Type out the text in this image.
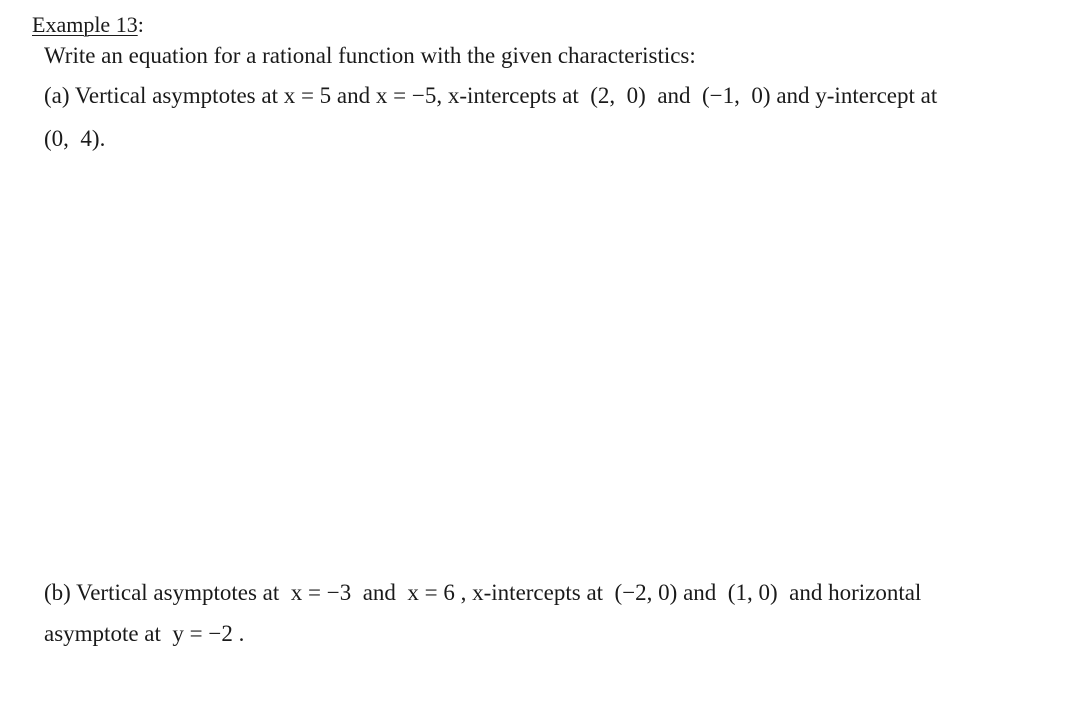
Example 13:
Write an equation for a rational function with the given characteristics:
(a) Vertical asymptotes at x = 5 and x = −5, x-intercepts at  (2,  0)  and  (−1,  0) and y-intercept at
(0,  4).
(b) Vertical asymptotes at  x = −3  and  x = 6 , x-intercepts at  (−2, 0) and  (1, 0)  and horizontal
asymptote at  y = −2 .
